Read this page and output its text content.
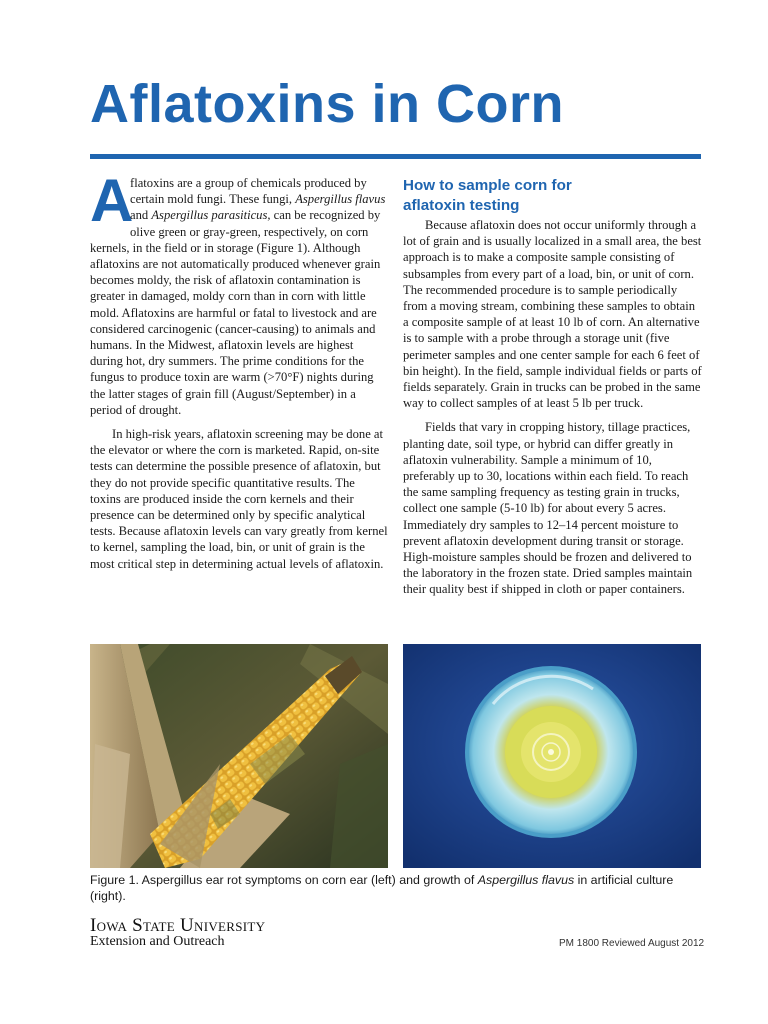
Aflatoxins in Corn

A
flatoxins are a group of chemicals produced by certain mold fungi. These fungi, Aspergillus flavus and Aspergillus parasiticus, can be recognized by olive green or gray-green, respectively, on corn kernels, in the field or in storage (Figure 1). Although aflatoxins are not automatically produced whenever grain becomes moldy, the risk of aflatoxin contamination is greater in damaged, moldy corn than in corn with little mold. Aflatoxins are harmful or fatal to livestock and are considered carcinogenic (cancer-causing) to animals and humans. In the Midwest, aflatoxin levels are highest during hot, dry summers. The prime conditions for the fungus to produce toxin are warm (>70°F) nights during the latter stages of grain fill (August/September) in a period of drought.

In high-risk years, aflatoxin screening may be done at the elevator or where the corn is marketed. Rapid, on-site tests can determine the possible presence of aflatoxin, but they do not provide specific quantitative results. The toxins are produced inside the corn kernels and their presence can be determined only by specific analytical tests. Because aflatoxin levels can vary greatly from kernel to kernel, sampling the load, bin, or unit of grain is the most critical step in determining actual levels of aflatoxin.

How to sample corn for aflatoxin testing

Because aflatoxin does not occur uniformly through a lot of grain and is usually localized in a small area, the best approach is to make a composite sample consisting of subsamples from every part of a load, bin, or unit of corn. The recommended procedure is to sample periodically from a moving stream, combining these samples to obtain a composite sample of at least 10 lb of corn. An alternative is to sample with a probe through a storage unit (five perimeter samples and one center sample for each 6 feet of bin height). In the field, sample individual fields or parts of fields separately. Grain in trucks can be probed in the same way to collect samples of at least 5 lb per truck.

Fields that vary in cropping history, tillage practices, planting date, soil type, or hybrid can differ greatly in aflatoxin vulnerability. Sample a minimum of 10, preferably up to 30, locations within each field. To reach the same sampling frequency as testing grain in trucks, collect one sample (5-10 lb) for about every 5 acres. Immediately dry samples to 12–14 percent moisture to prevent aflatoxin development during transit or storage. High-moisture samples should be frozen and delivered to the laboratory in the frozen state. Dried samples maintain their quality best if shipped in cloth or paper containers.

Figure 1. Aspergillus ear rot symptoms on corn ear (left) and growth of Aspergillus flavus in artificial culture (right).
Iowa State University
Extension and Outreach	PM 1800 Reviewed August 2012
